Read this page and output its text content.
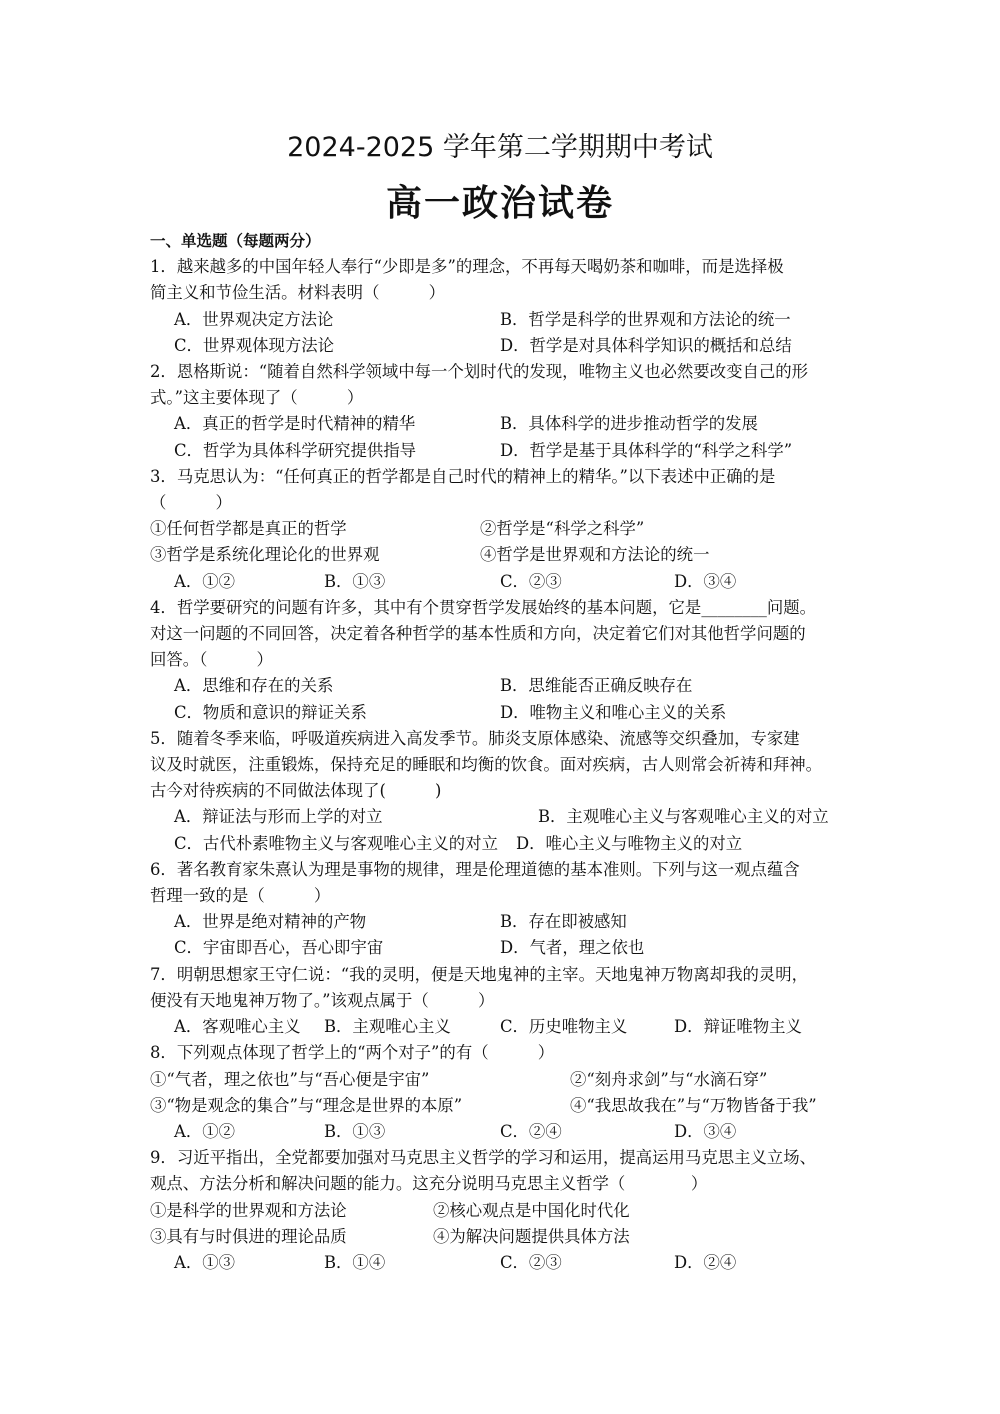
2024-2025 学年第二学期期中考试
高一政治试卷
一、单选题（每题两分）
1．越来越多的中国年轻人奉行“少即是多”的理念，不再每天喝奶茶和咖啡，而是选择极
简主义和节俭生活。材料表明（　　　）
A．世界观决定方法论	B．哲学是科学的世界观和方法论的统一
C．世界观体现方法论	D．哲学是对具体科学知识的概括和总结
2．恩格斯说：“随着自然科学领域中每一个划时代的发现，唯物主义也必然要改变自己的形
式。”这主要体现了（　　　）
A．真正的哲学是时代精神的精华	B．具体科学的进步推动哲学的发展
C．哲学为具体科学研究提供指导	D．哲学是基于具体科学的“科学之科学”
3．马克思认为：“任何真正的哲学都是自己时代的精神上的精华。”以下表述中正确的是
（　　　）
①任何哲学都是真正的哲学	②哲学是“科学之科学”
③哲学是系统化理论化的世界观	④哲学是世界观和方法论的统一
A．①②	B．①③	C．②③	D．③④
4．哲学要研究的问题有许多，其中有个贯穿哲学发展始终的基本问题，它是________问题。
对这一问题的不同回答，决定着各种哲学的基本性质和方向，决定着它们对其他哲学问题的
回答。（　　　）
A．思维和存在的关系	B．思维能否正确反映存在
C．物质和意识的辩证关系	D．唯物主义和唯心主义的关系
5．随着冬季来临，呼吸道疾病进入高发季节。肺炎支原体感染、流感等交织叠加，专家建
议及时就医，注重锻炼，保持充足的睡眠和均衡的饮食。面对疾病，古人则常会祈祷和拜神。
古今对待疾病的不同做法体现了(　　　)
A．辩证法与形而上学的对立	B．主观唯心主义与客观唯心主义的对立
C．古代朴素唯物主义与客观唯心主义的对立	D．唯心主义与唯物主义的对立
6．著名教育家朱熹认为理是事物的规律，理是伦理道德的基本准则。下列与这一观点蕴含
哲理一致的是（　　　）
A．世界是绝对精神的产物	B．存在即被感知
C．宇宙即吾心，吾心即宇宙	D．气者，理之依也
7．明朝思想家王守仁说：“我的灵明，便是天地鬼神的主宰。天地鬼神万物离却我的灵明，
便没有天地鬼神万物了。”该观点属于（　　　）
A．客观唯心主义	B．主观唯心主义	C．历史唯物主义	D．辩证唯物主义
8．下列观点体现了哲学上的“两个对子”的有（　　　）
①“气者，理之依也”与“吾心便是宇宙”	②“刻舟求剑”与“水滴石穿”
③“物是观念的集合”与“理念是世界的本原”	④“我思故我在”与“万物皆备于我”
A．①②	B．①③	C．②④	D．③④
9．习近平指出，全党都要加强对马克思主义哲学的学习和运用，提高运用马克思主义立场、
观点、方法分析和解决问题的能力。这充分说明马克思主义哲学（　　　　）
①是科学的世界观和方法论	②核心观点是中国化时代化
③具有与时俱进的理论品质	④为解决问题提供具体方法
A．①③	B．①④	C．②③	D．②④
